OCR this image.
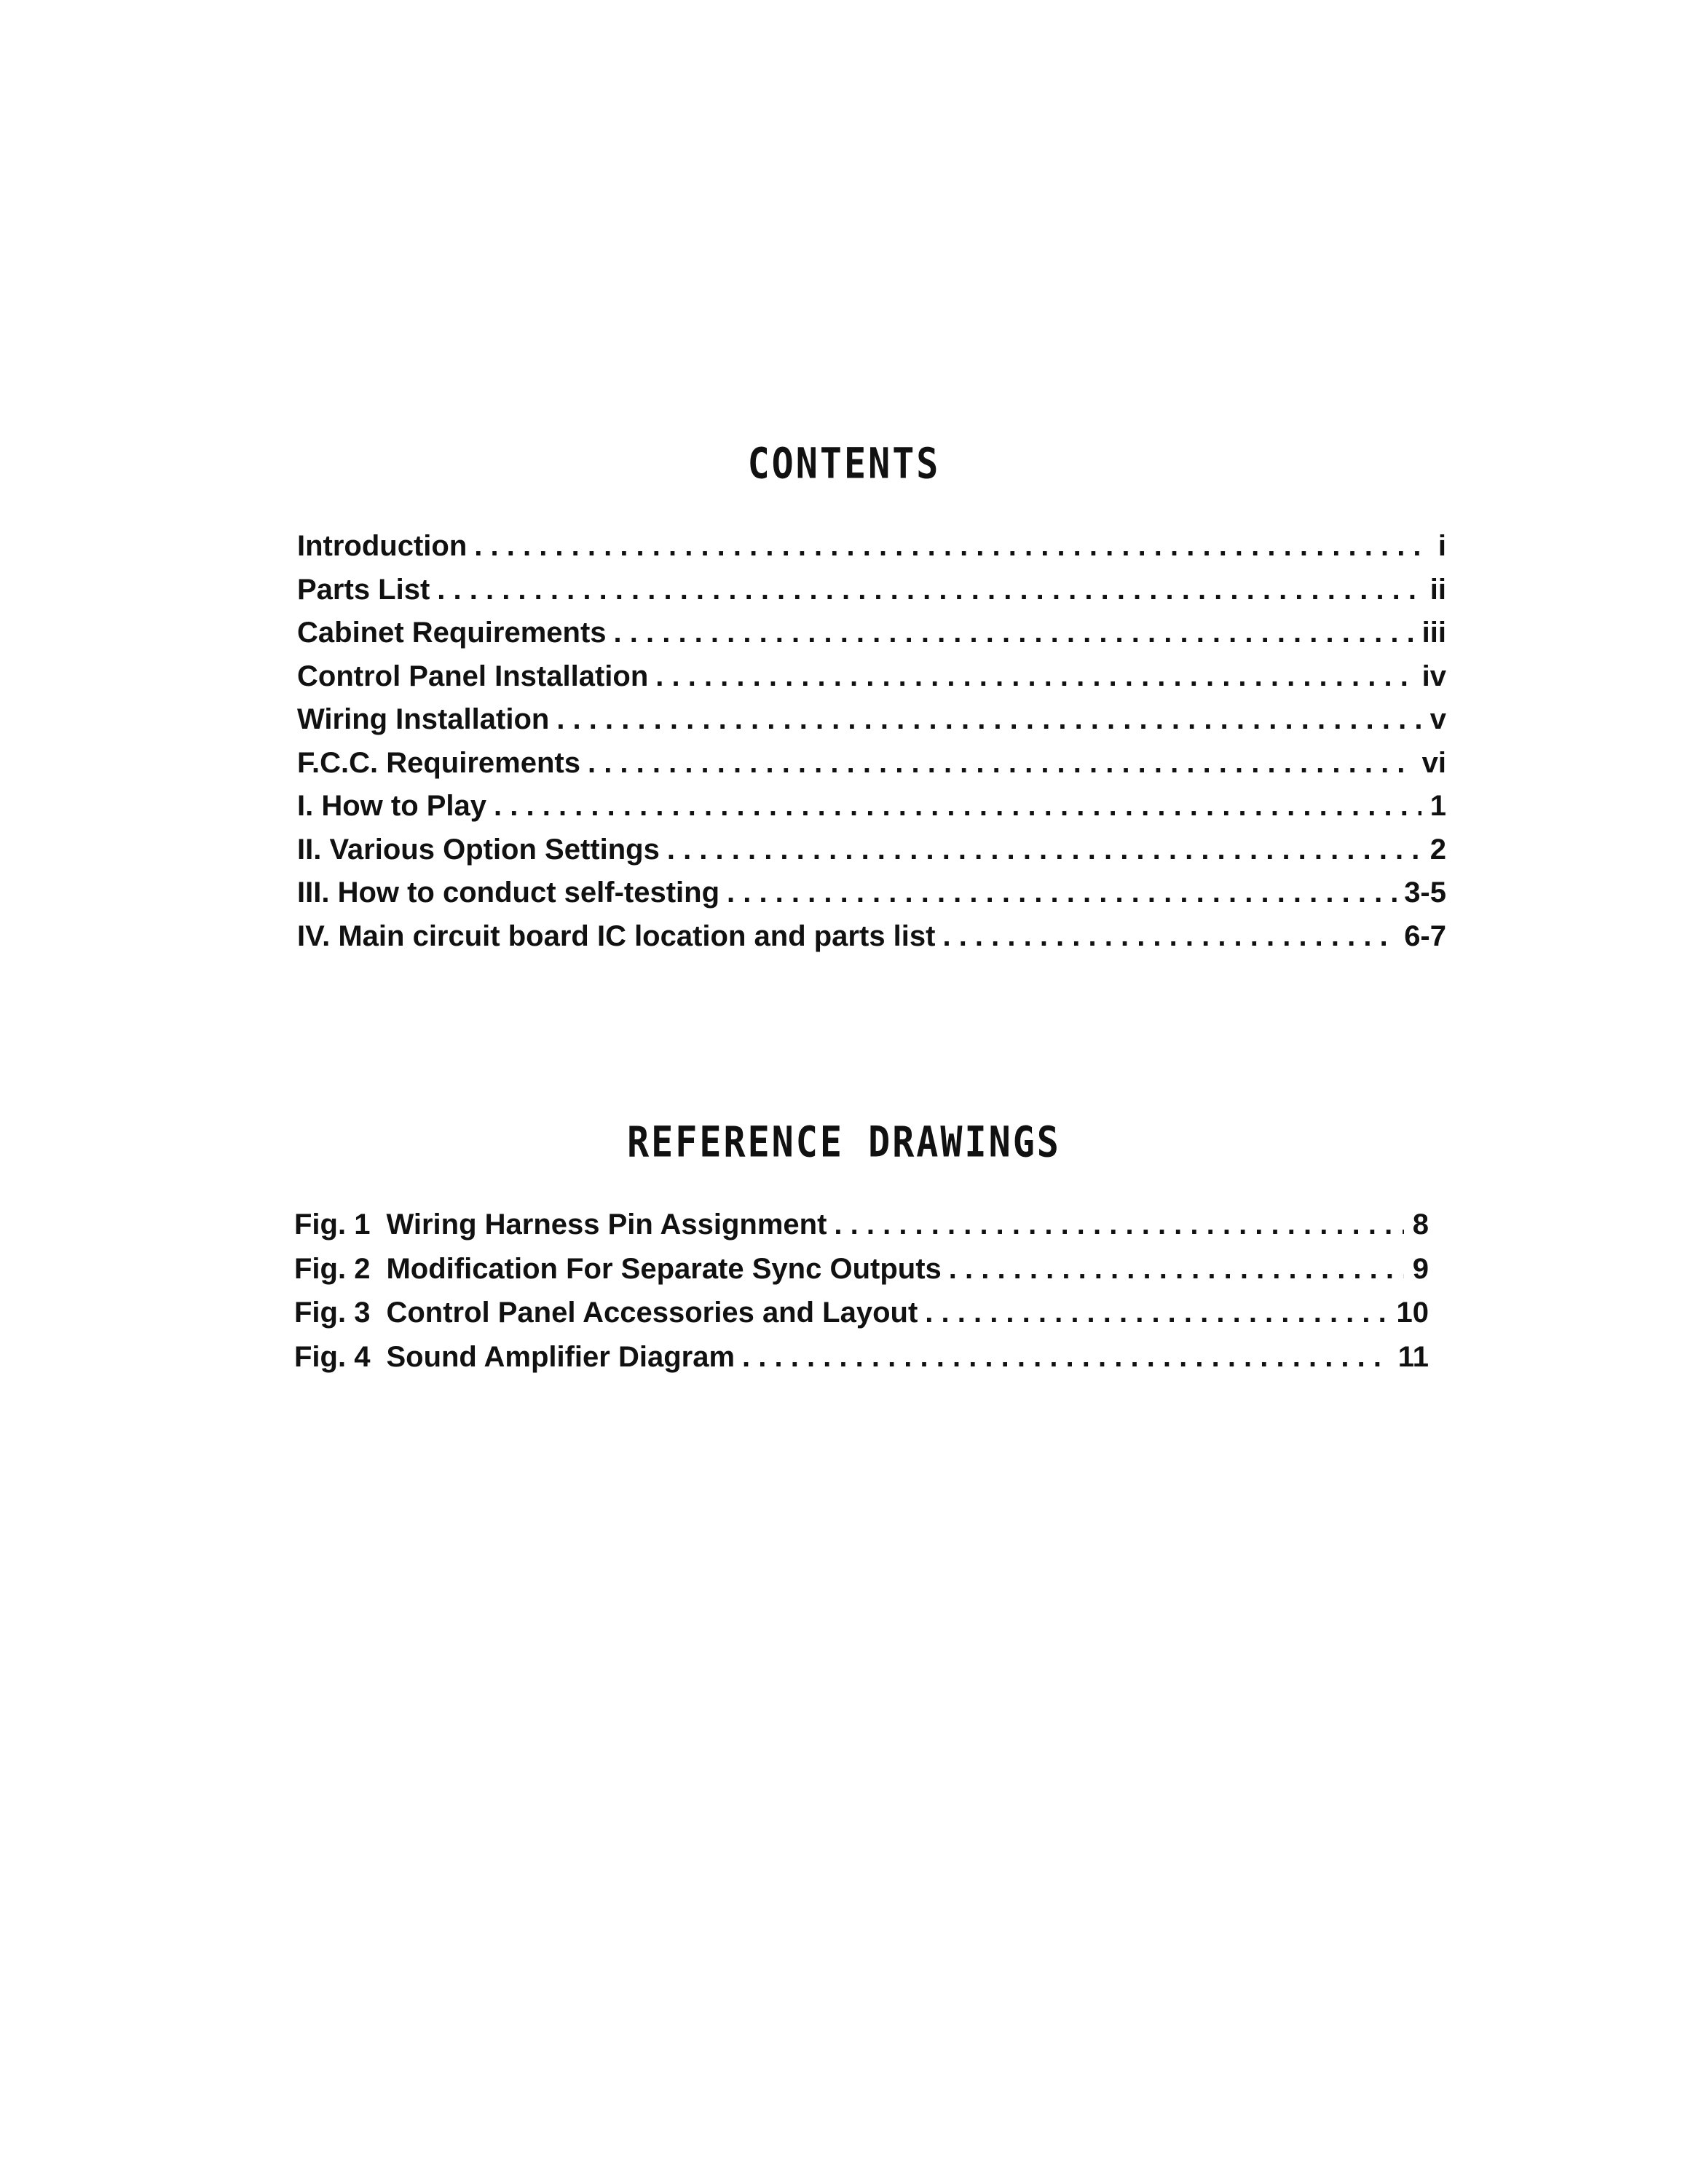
CONTENTS
Introduction . . .	i
Parts List . . .	ii
Cabinet Requirements . . .	iii
Control Panel Installation . . .	iv
Wiring Installation . . .	v
F.C.C. Requirements . . .	vi
I. How to Play . . .	1
II. Various Option Settings . . .	2
III. How to conduct self-testing . . .	3-5
IV. Main circuit board IC location and parts list . . .	6-7
REFERENCE DRAWINGS
Fig. 1 Wiring Harness Pin Assignment . . .	8
Fig. 2 Modification For Separate Sync Outputs . . .	9
Fig. 3 Control Panel Accessories and Layout . . .	10
Fig. 4 Sound Amplifier Diagram . . .	11
